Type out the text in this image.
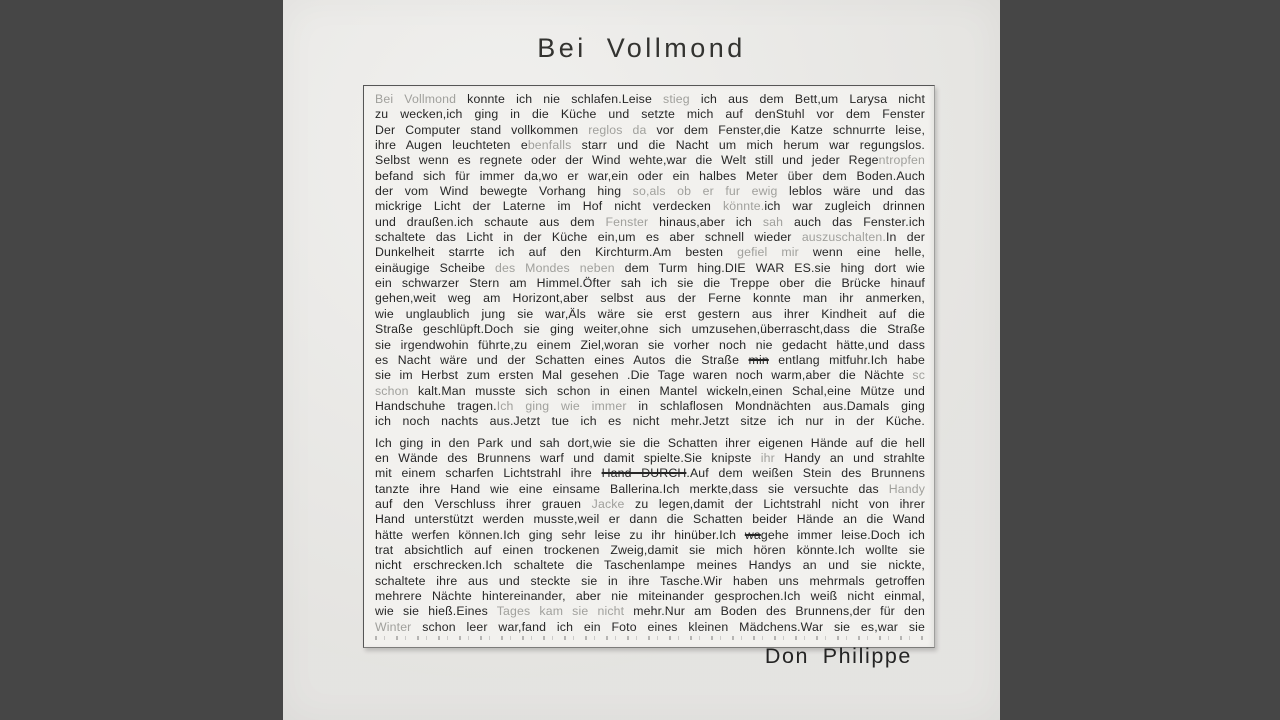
Bei Vollmond
Bei Vollmond konnte ich nie schlafen.Leise stieg ich aus dem Bett,um Larysa nicht
zu wecken,ich ging in die Küche und setzte mich auf denStuhl vor dem Fenster
Der Computer stand vollkommen reglos da vor dem Fenster,die Katze schnurrte leise,
ihre Augen leuchteten ebenfalls starr und die Nacht um mich herum war regungslos.
Selbst wenn es regnete oder der Wind wehte,war die Welt still und jeder Regentropfen
befand sich für immer da,wo er war,ein oder ein halbes Meter über dem Boden.Auch
der vom Wind bewegte Vorhang hing so,als ob er fur ewig leblos wäre und das
mickrige Licht der Laterne im Hof nicht verdecken könnte.ich war zugleich drinnen
und draußen.ich schaute aus dem Fenster hinaus,aber ich sah auch das Fenster.ich
schaltete das Licht in der Küche ein,um es aber schnell wieder auszuschalten.In der
Dunkelheit starrte ich auf den Kirchturm.Am besten gefiel mir wenn eine helle,
einäugige Scheibe des Mondes neben dem Turm hing.DIE WAR ES.sie hing dort wie
ein schwarzer Stern am Himmel.Öfter sah ich sie die Treppe ober die Brücke hinauf
gehen,weit weg am Horizont,aber selbst aus der Ferne konnte man ihr anmerken,
wie unglaublich jung sie war,Äls wäre sie erst gestern aus ihrer Kindheit auf die
Straße geschlüpft.Doch sie ging weiter,ohne sich umzusehen,überrascht,dass die Straße
sie irgendwohin führte,zu einem Ziel,woran sie vorher noch nie gedacht hätte,und dass
es Nacht wäre und der Schatten eines Autos die Straße min entlang mitfuhr.Ich habe
sie im Herbst zum ersten Mal gesehen .Die Tage waren noch warm,aber die Nächte sc
schon kalt.Man musste sich schon in einen Mantel wickeln,einen Schal,eine Mütze und
Handschuhe tragen.Ich ging wie immer in schlaflosen Mondnächten aus.Damals ging
ich noch nachts aus.Jetzt tue ich es nicht mehr.Jetzt sitze ich nur in der Küche.
Ich ging in den Park und sah dort,wie sie die Schatten ihrer eigenen Hände auf die hell
en Wände des Brunnens warf und damit spielte.Sie knipste ihr Handy an und strahlte
mit einem scharfen Lichtstrahl ihre Hand DURCH.Auf dem weißen Stein des Brunnens
tanzte ihre Hand wie eine einsame Ballerina.Ich merkte,dass sie versuchte das Handy
auf den Verschluss ihrer grauen Jacke zu legen,damit der Lichtstrahl nicht von ihrer
Hand unterstützt werden musste,weil er dann die Schatten beider Hände an die Wand
hätte werfen können.Ich ging sehr leise zu ihr hinüber.Ich wagehe immer leise.Doch ich
trat absichtlich auf einen trockenen Zweig,damit sie mich hören könnte.Ich wollte sie
nicht erschrecken.Ich schaltete die Taschenlampe meines Handys an und sie nickte,
schaltete ihre aus und steckte sie in ihre Tasche.Wir haben uns mehrmals getroffen
mehrere Nächte hintereinander, aber nie miteinander gesprochen.Ich weiß nicht einmal,
wie sie hieß.Eines Tages kam sie nicht mehr.Nur am Boden des Brunnens,der für den
Winter schon leer war,fand ich ein Foto eines kleinen Mädchens.War sie es,war sie
Don Philippe
